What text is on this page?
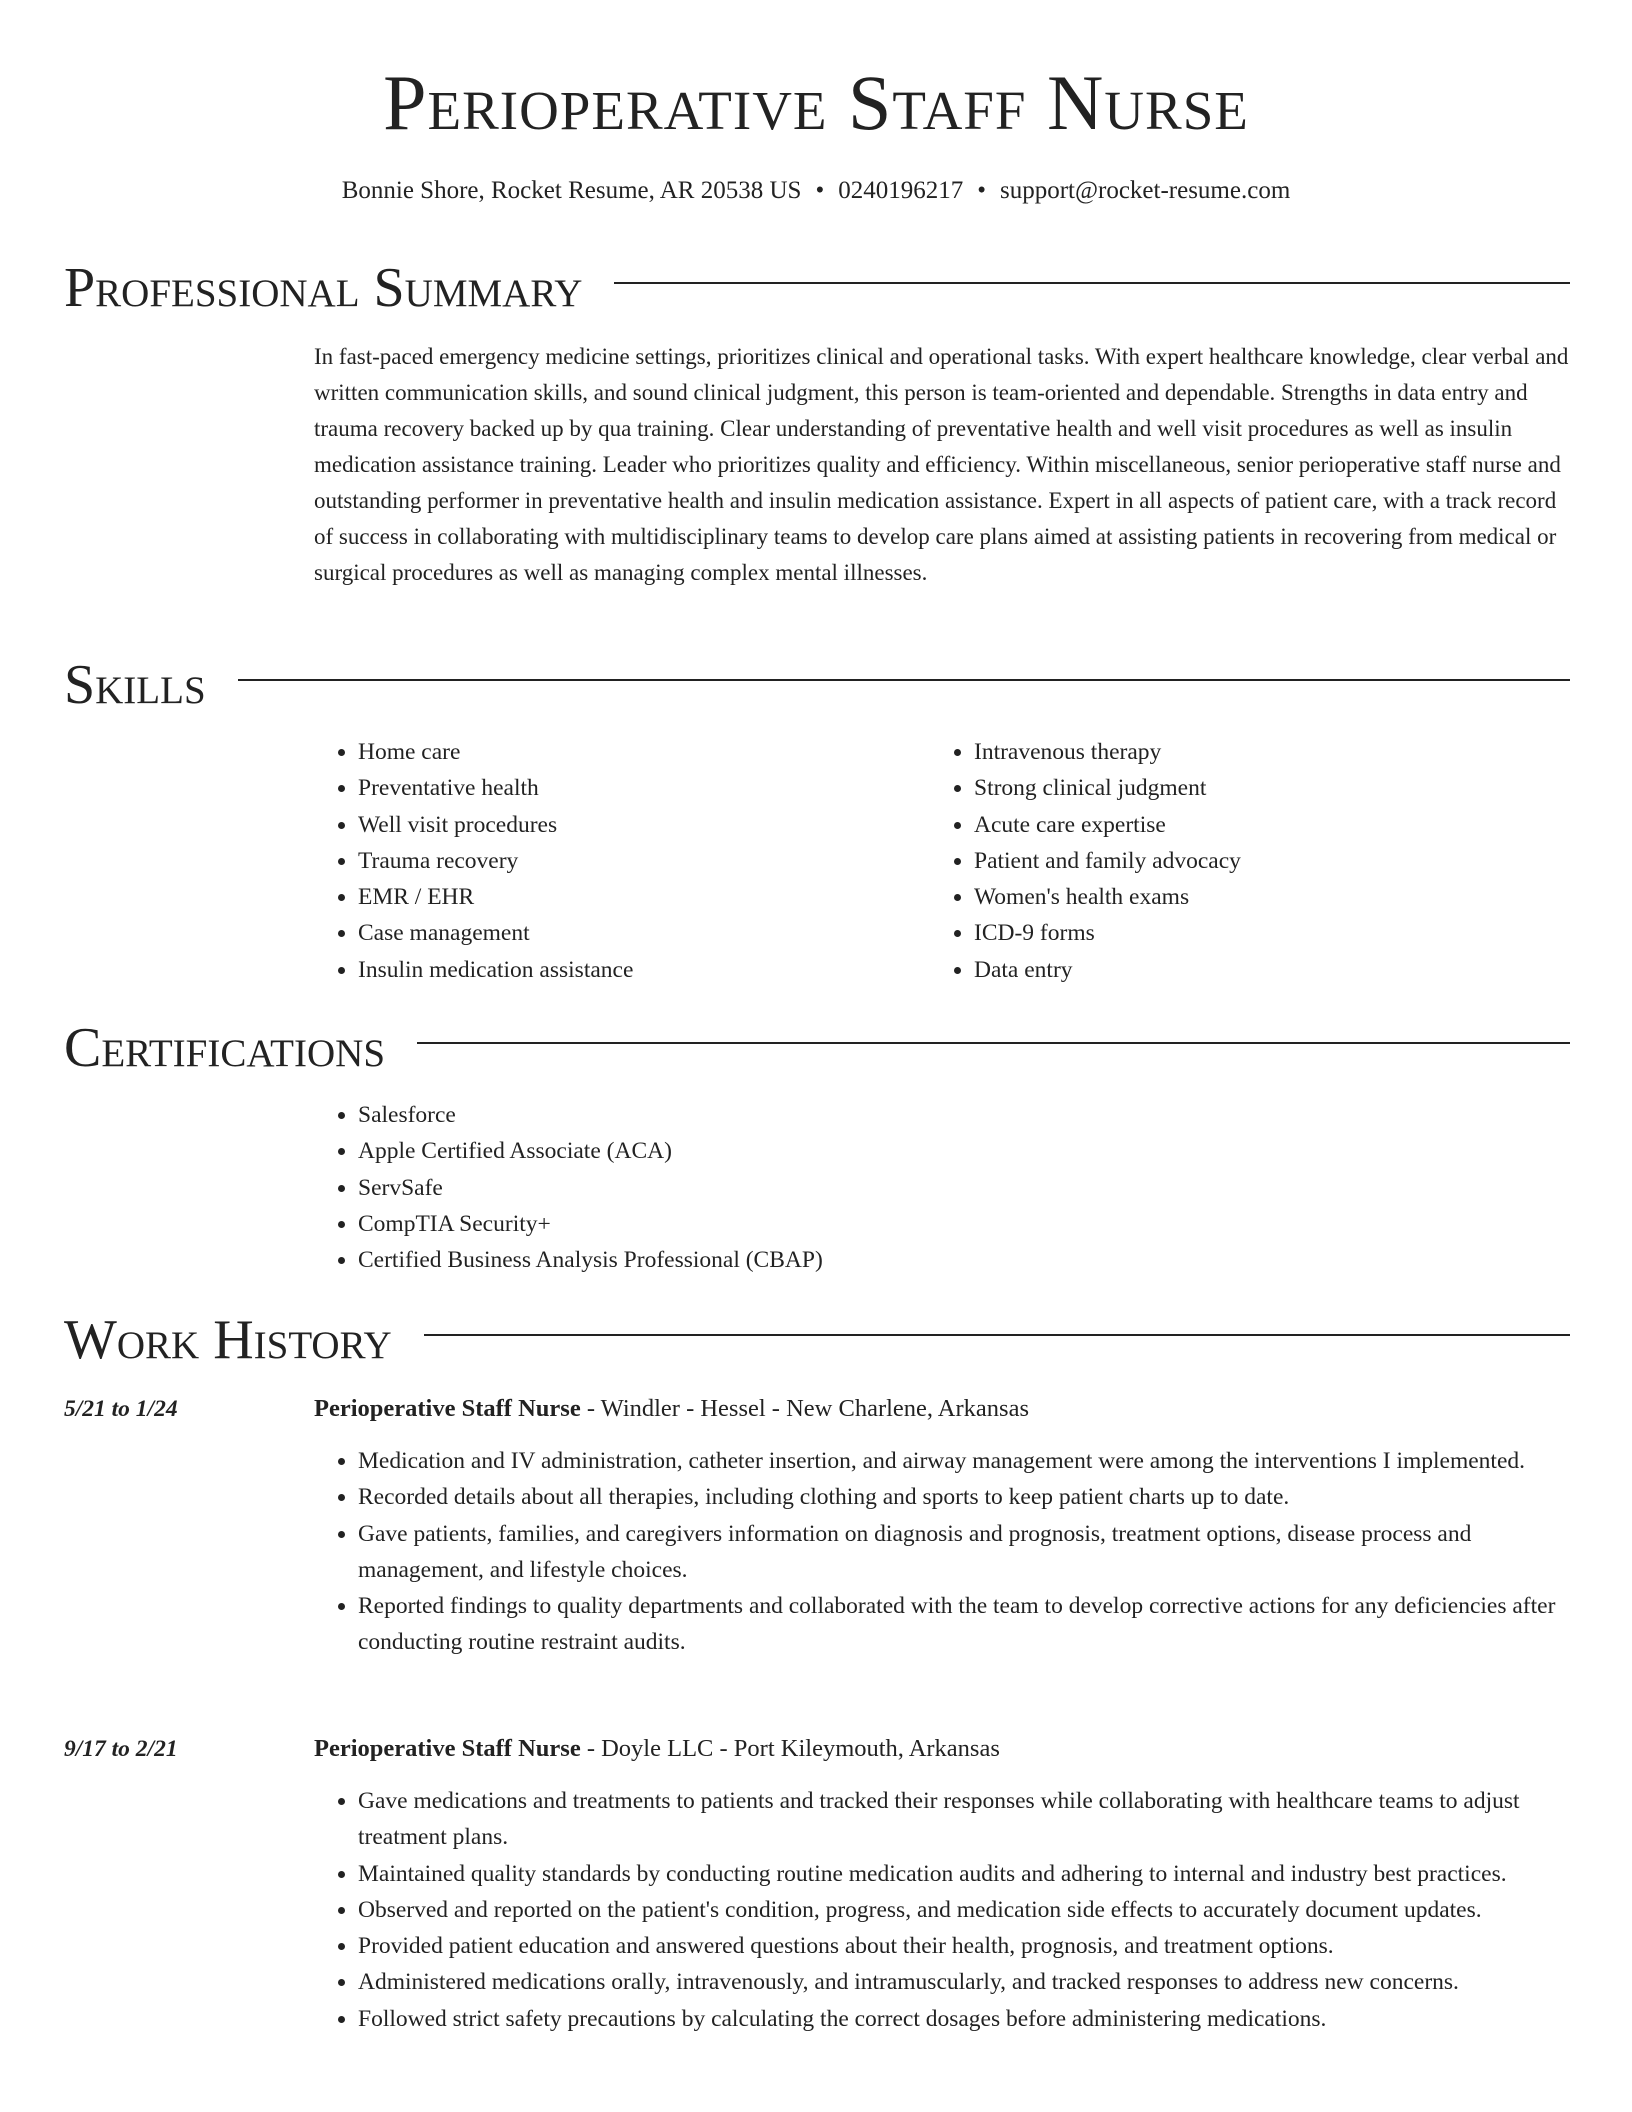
Perioperative Staff Nurse
Bonnie Shore, Rocket Resume, AR 20538 US • 0240196217 • support@rocket-resume.com
Professional Summary
In fast-paced emergency medicine settings, prioritizes clinical and operational tasks. With expert healthcare knowledge, clear verbal and written communication skills, and sound clinical judgment, this person is team-oriented and dependable. Strengths in data entry and trauma recovery backed up by qua training. Clear understanding of preventative health and well visit procedures as well as insulin medication assistance training. Leader who prioritizes quality and efficiency. Within miscellaneous, senior perioperative staff nurse and outstanding performer in preventative health and insulin medication assistance. Expert in all aspects of patient care, with a track record of success in collaborating with multidisciplinary teams to develop care plans aimed at assisting patients in recovering from medical or surgical procedures as well as managing complex mental illnesses.
Skills
• Home care
• Preventative health
• Well visit procedures
• Trauma recovery
• EMR / EHR
• Case management
• Insulin medication assistance
• Intravenous therapy
• Strong clinical judgment
• Acute care expertise
• Patient and family advocacy
• Women's health exams
• ICD-9 forms
• Data entry
Certifications
• Salesforce
• Apple Certified Associate (ACA)
• ServSafe
• CompTIA Security+
• Certified Business Analysis Professional (CBAP)
Work History
5/21 to 1/24	Perioperative Staff Nurse - Windler - Hessel - New Charlene, Arkansas
• Medication and IV administration, catheter insertion, and airway management were among the interventions I implemented.
• Recorded details about all therapies, including clothing and sports to keep patient charts up to date.
• Gave patients, families, and caregivers information on diagnosis and prognosis, treatment options, disease process and management, and lifestyle choices.
• Reported findings to quality departments and collaborated with the team to develop corrective actions for any deficiencies after conducting routine restraint audits.
9/17 to 2/21	Perioperative Staff Nurse - Doyle LLC - Port Kileymouth, Arkansas
• Gave medications and treatments to patients and tracked their responses while collaborating with healthcare teams to adjust treatment plans.
• Maintained quality standards by conducting routine medication audits and adhering to internal and industry best practices.
• Observed and reported on the patient's condition, progress, and medication side effects to accurately document updates.
• Provided patient education and answered questions about their health, prognosis, and treatment options.
• Administered medications orally, intravenously, and intramuscularly, and tracked responses to address new concerns.
• Followed strict safety precautions by calculating the correct dosages before administering medications.
